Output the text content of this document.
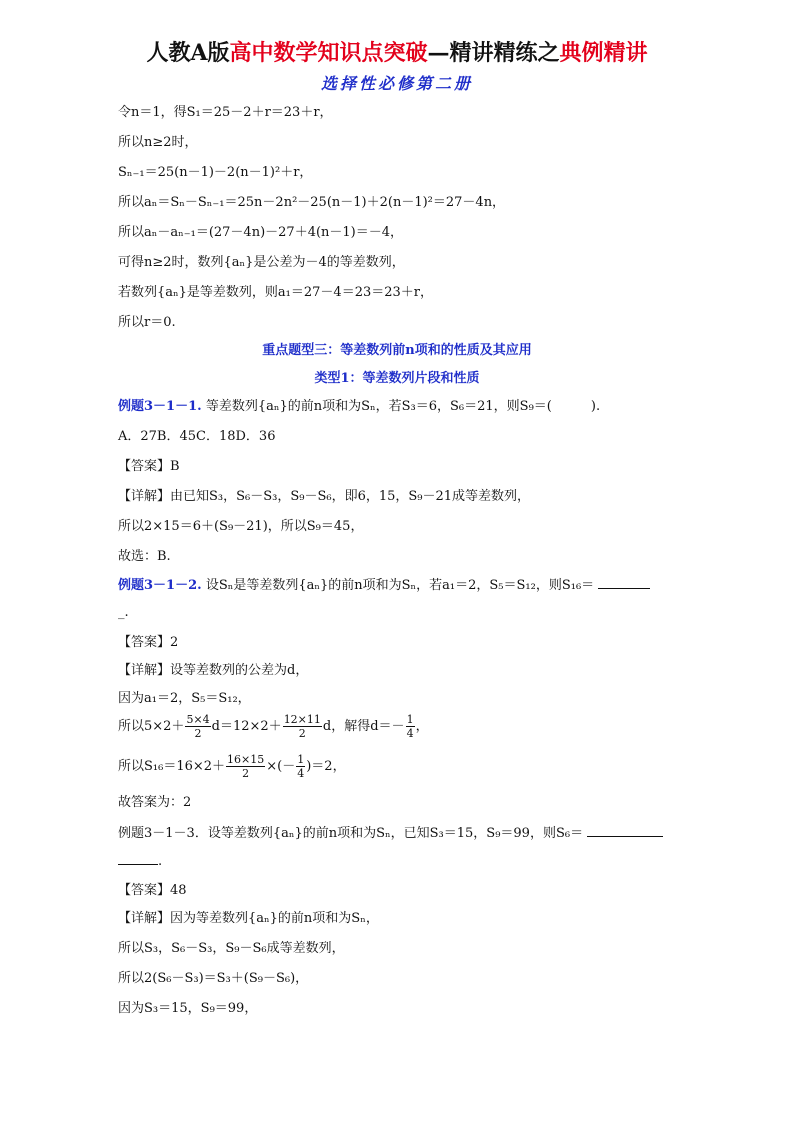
人教A版高中数学知识点突破—精讲精练之典例精讲
选择性必修第二册
令n＝1，得S₁＝25－2＋r＝23＋r，
所以n≥2时，
Sₙ₋₁＝25(n－1)－2(n－1)²＋r，
所以aₙ＝Sₙ－Sₙ₋₁＝25n－2n²－25(n－1)＋2(n－1)²＝27－4n，
所以aₙ－aₙ₋₁＝(27－4n)－27＋4(n－1)＝－4，
可得n≥2时，数列{aₙ}是公差为－4的等差数列，
若数列{aₙ}是等差数列，则a₁＝27－4＝23＝23＋r，
所以r＝0.
重点题型三：等差数列前n项和的性质及其应用
类型1：等差数列片段和性质
例题3－1－1. 等差数列{aₙ}的前n项和为Sₙ，若S₃＝6，S₆＝21，则S₉＝(　　　).
A．27B．45C．18D．36
【答案】B
【详解】由已知S₃，S₆－S₃，S₉－S₆，即6，15，S₉－21成等差数列，
所以2×15＝6＋(S₉－21)，所以S₉＝45，
故选：B.
例题3－1－2. 设Sₙ是等差数列{aₙ}的前n项和为Sₙ，若a₁＝2，S₅＝S₁₂，则S₁₆＝
_.
【答案】2
【详解】设等差数列的公差为d，
因为a₁＝2，S₅＝S₁₂，
所以$5\times 2+ \frac{5\times 4}{2} d=12\times 2+ \frac{12\times 11}{2}$ d，解得$d=- \frac{1}{4}$ ，
所以$S_{16}=16\times 2+ \frac{16\times 15}{2}$ ×(－ $\frac{1}{4} )=2$，
故答案为：2
例题3－1－3．设等差数列{aₙ}的前n项和为Sₙ，已知S₃＝15，S₉＝99，则S₆＝
.
【答案】48
【详解】因为等差数列{aₙ}的前n项和为Sₙ，
所以S₃，S₆－S₃，S₉－S₆成等差数列，
所以2(S₆－S₃)＝S₃＋(S₉－S₆)，
因为S₃＝15，S₉＝99，
